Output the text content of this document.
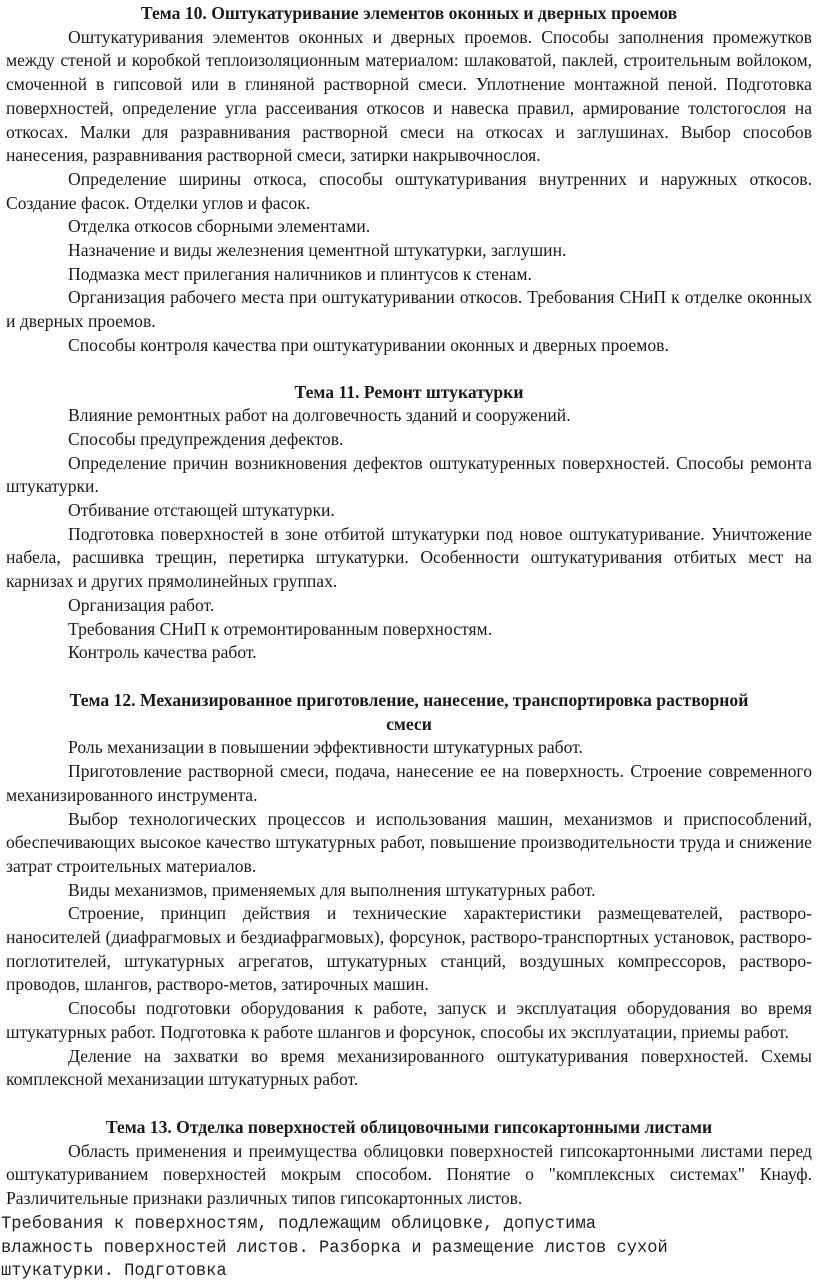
Тема 10. Оштукатуривание элементов оконных и дверных проемов

Оштукатуривания элементов оконных и дверных проемов. Способы заполнения промежутков между стеной и коробкой теплоизоляционным материалом: шлаковатой, паклей, строительным войлоком, смоченной в гипсовой или в глиняной растворной смеси. Уплотнение монтажной пеной. Подготовка поверхностей, определение угла рассеивания откосов и навеска правил, армирование толстогослоя на откосах. Малки для разравнивания растворной смеси на откосах и заглушинах. Выбор способов нанесения, разравнивания растворной смеси, затирки накрывочнослоя.

Определение ширины откоса, способы оштукатуривания внутренних и наружных откосов. Создание фасок. Отделки углов и фасок.

Отделка откосов сборными элементами.

Назначение и виды железнения цементной штукатурки, заглушин.

Подмазка мест прилегания наличников и плинтусов к стенам.

Организация рабочего места при оштукатуривании откосов. Требования СНиП к отделке оконных и дверных проемов.

Способы контроля качества при оштукатуривании оконных и дверных проемов.

Тема 11. Ремонт штукатурки

Влияние ремонтных работ на долговечность зданий и сооружений.

Способы предупреждения дефектов.

Определение причин возникновения дефектов оштукатуренных поверхностей. Способы ремонта штукатурки.

Отбивание отстающей штукатурки.

Подготовка поверхностей в зоне отбитой штукатурки под новое оштукатуривание. Уничтожение набела, расшивка трещин, перетирка штукатурки. Особенности оштукатуривания отбитых мест на карнизах и других прямолинейных группах.

Организация работ.

Требования СНиП к отремонтированным поверхностям.

Контроль качества работ.

Тема 12. Механизированное приготовление, нанесение, транспортировка растворной смеси

Роль механизации в повышении эффективности штукатурных работ.

Приготовление растворной смеси, подача, нанесение ее на поверхность. Строение современного механизированного инструмента.

Выбор технологических процессов и использования машин, механизмов и приспособлений, обеспечивающих высокое качество штукатурных работ, повышение производительности труда и снижение затрат строительных материалов.

Виды механизмов, применяемых для выполнения штукатурных работ.

Строение, принцип действия и технические характеристики размещевателей, растворо-наносителей (диафрагмовых и бездиафрагмовых), форсунок, растворо-транспортных установок, растворо-поглотителей, штукатурных агрегатов, штукатурных станций, воздушных компрессоров, растворо-проводов, шлангов, растворо-метов, затирочных машин.

Способы подготовки оборудования к работе, запуск и эксплуатация оборудования во время штукатурных работ. Подготовка к работе шлангов и форсунок, способы их эксплуатации, приемы работ.

Деление на захватки во время механизированного оштукатуривания поверхностей. Схемы комплексной механизации штукатурных работ.

Тема 13. Отделка поверхностей облицовочными гипсокартонными листами

Область применения и преимущества облицовки поверхностей гипсокартонными листами перед оштукатуриванием поверхностей мокрым способом. Понятие о "комплексных системах" Кнауф. Различительные признаки различных типов гипсокартонных листов.

Требования к поверхностям, подлежащим облицовке, допустима
влажность поверхностей листов. Разборка и размещение листов сухой
штукатурки. Подготовка
